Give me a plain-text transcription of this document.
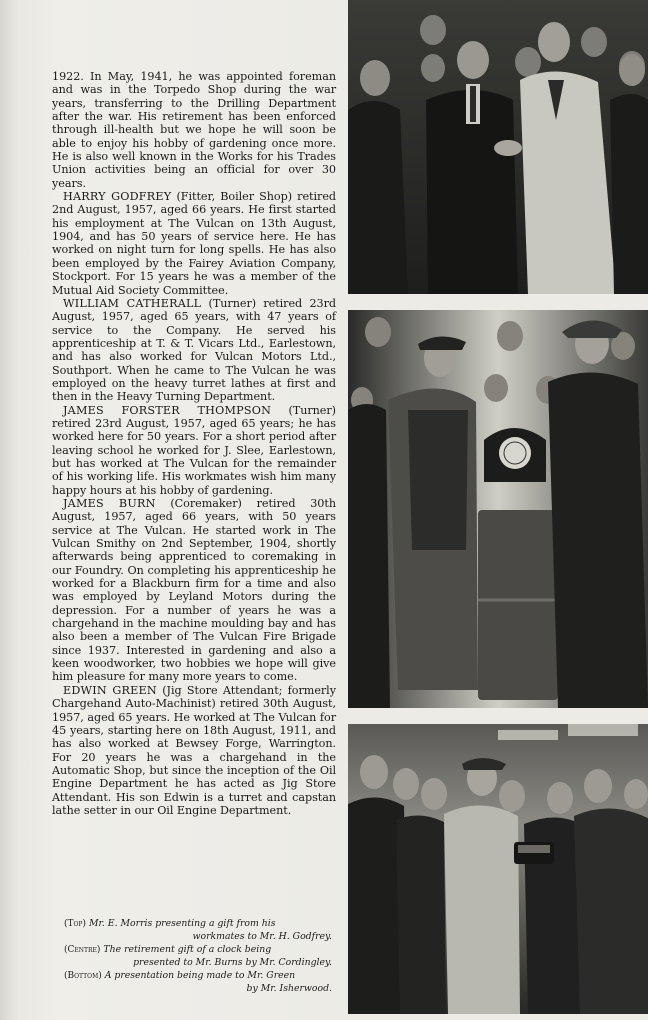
1922. In May, 1941, he was appointed foreman and was in the Torpedo Shop during the war years, transferring to the Drilling Department after the war. His retirement has been enforced through ill-health but we hope he will soon be able to enjoy his hobby of gardening once more. He is also well known in the Works for his Trades Union activities being an official for over 30 years.

HARRY GODFREY (Fitter, Boiler Shop) retired 2nd August, 1957, aged 66 years. He first started his employment at The Vulcan on 13th August, 1904, and has 50 years of service here. He has worked on night turn for long spells. He has also been employed by the Fairey Aviation Company, Stockport. For 15 years he was a member of the Mutual Aid Society Committee.

WILLIAM CATHERALL (Turner) retired 23rd August, 1957, aged 65 years, with 47 years of service to the Company. He served his apprenticeship at T. & T. Vicars Ltd., Earlestown, and has also worked for Vulcan Motors Ltd., Southport. When he came to The Vulcan he was employed on the heavy turret lathes at first and then in the Heavy Turning Department.

JAMES FORSTER THOMPSON (Turner) retired 23rd August, 1957, aged 65 years; he has worked here for 50 years. For a short period after leaving school he worked for J. Slee, Earlestown, but has worked at The Vulcan for the remainder of his working life. His workmates wish him many happy hours at his hobby of gardening.

JAMES BURN (Coremaker) retired 30th August, 1957, aged 66 years, with 50 years service at The Vulcan. He started work in The Vulcan Smithy on 2nd September, 1904, shortly afterwards being apprenticed to coremaking in our Foundry. On completing his apprenticeship he worked for a Blackburn firm for a time and also was employed by Leyland Motors during the depression. For a number of years he was a chargehand in the machine moulding bay and has also been a member of The Vulcan Fire Brigade since 1937. Interested in gardening and also a keen woodworker, two hobbies we hope will give him pleasure for many more years to come.

EDWIN GREEN (Jig Store Attendant; formerly Chargehand Auto-Machinist) retired 30th August, 1957, aged 65 years. He worked at The Vulcan for 45 years, starting here on 18th August, 1911, and has also worked at Bewsey Forge, Warrington. For 20 years he was a chargehand in the Automatic Shop, but since the inception of the Oil Engine Department he has acted as Jig Store Attendant. His son Edwin is a turret and capstan lathe setter in our Oil Engine Department.

(Top) Mr. E. Morris presenting a gift from his
workmates to Mr. H. Godfrey.

(Centre) The retirement gift of a clock being
presented to Mr. Burns by Mr. Cordingley.

(Bottom) A presentation being made to Mr. Green
by Mr. Isherwood.
